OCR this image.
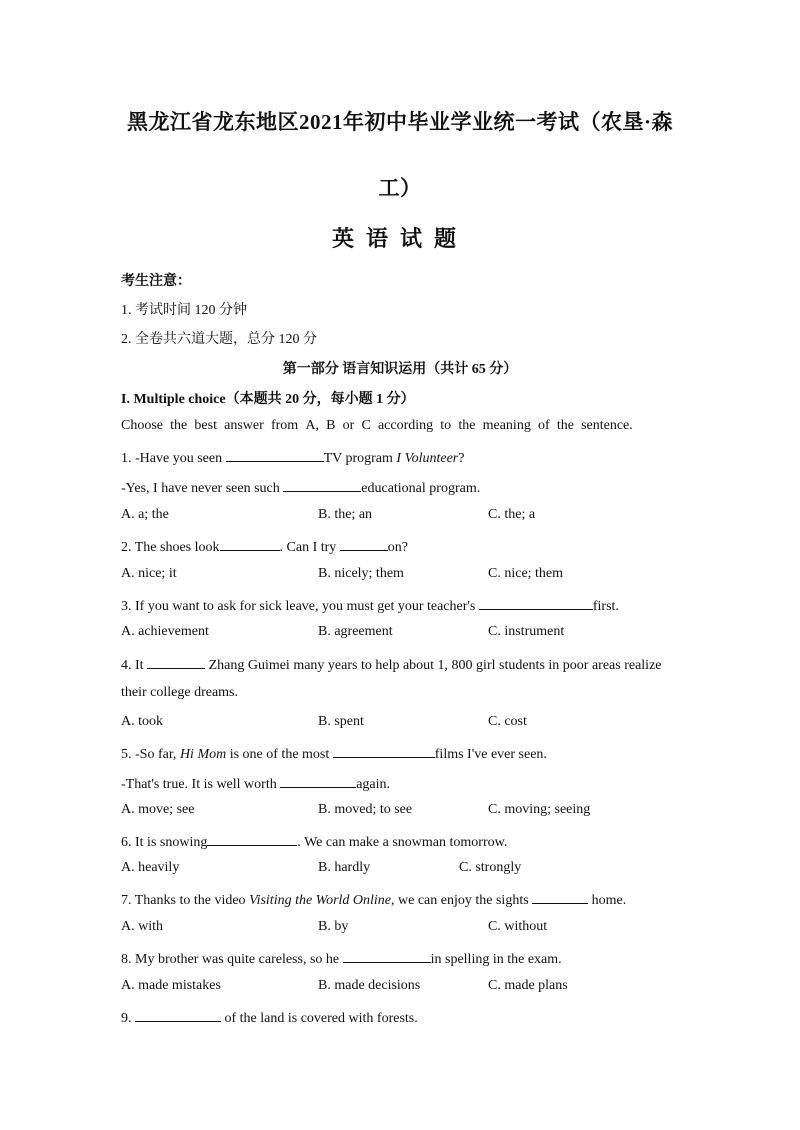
黑龙江省龙东地区2021年初中毕业学业统一考试（农垦·森
工）
英语试题
考生注意：
1. 考试时间 120 分钟
2. 全卷共六道大题，总分 120 分
第一部分 语言知识运用（共计 65 分）
I. Multiple choice（本题共 20 分，每小题 1 分）
Choose the best answer from A, B or C according to the meaning of the sentence.
1. -Have you seen	TV program I Volunteer?
-Yes, I have never seen such	educational program.
A. a; the	B. the; an	C. the; a
2. The shoes look	. Can I try	on?
A. nice; it	B. nicely; them	C. nice; them
3. If you want to ask for sick leave, you must get your teacher's	first.
A. achievement	B. agreement	C. instrument
4. It	Zhang Guimei many years to help about 1, 800 girl students in poor areas realize
their college dreams.
A. took	B. spent	C. cost
5. -So far, Hi Mom is one of the most	films I've ever seen.
-That's true. It is well worth	again.
A. move; see	B. moved; to see	C. moving; seeing
6. It is snowing	. We can make a snowman tomorrow.
A. heavily	B. hardly	C. strongly
7. Thanks to the video Visiting the World Online, we can enjoy the sights	home.
A. with	B. by	C. without
8. My brother was quite careless, so he	in spelling in the exam.
A. made mistakes	B. made decisions	C. made plans
9.	of the land is covered with forests.
